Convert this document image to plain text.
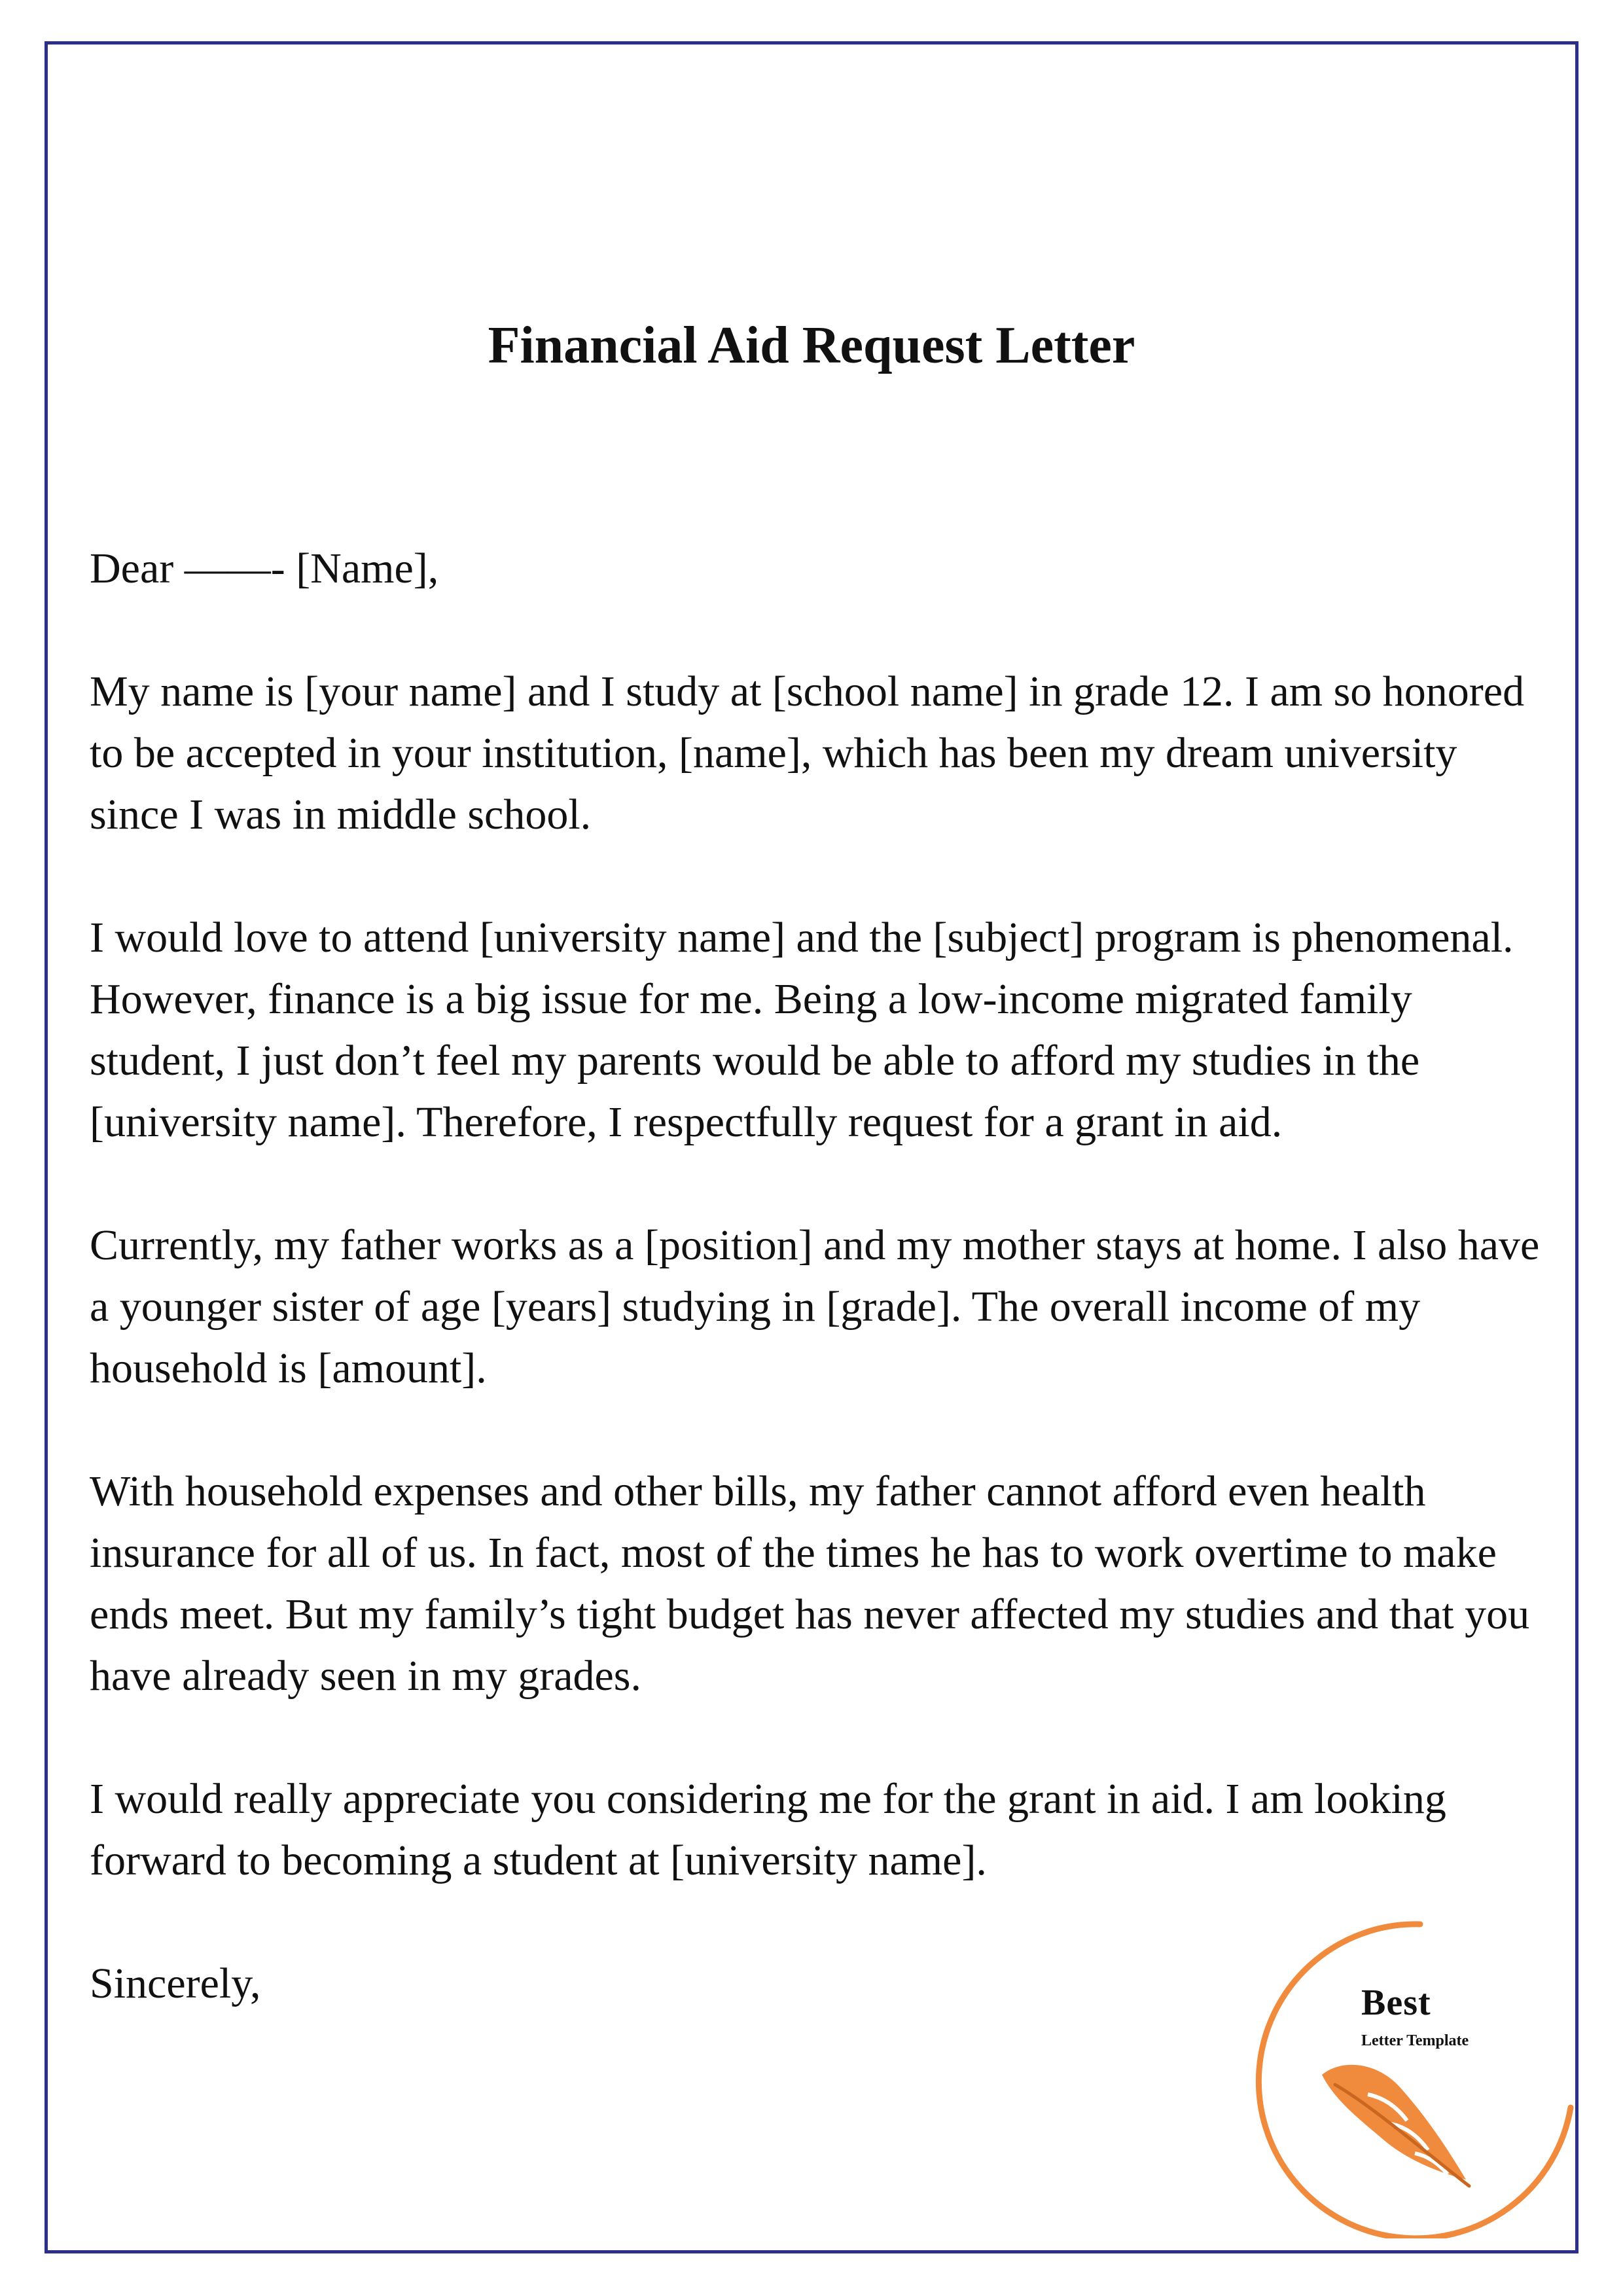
Financial Aid Request Letter

Dear ——- [Name],

My name is [your name] and I study at [school name] in grade 12. I am so honored to be accepted in your institution, [name], which has been my dream university since I was in middle school.

I would love to attend [university name] and the [subject] program is phenomenal. However, finance is a big issue for me. Being a low-income migrated family student, I just don’t feel my parents would be able to afford my studies in the [university name]. Therefore, I respectfully request for a grant in aid.

Currently, my father works as a [position] and my mother stays at home. I also have a younger sister of age [years] studying in [grade]. The overall income of my household is [amount].

With household expenses and other bills, my father cannot afford even health insurance for all of us. In fact, most of the times he has to work overtime to make ends meet. But my family’s tight budget has never affected my studies and that you have already seen in my grades.

I would really appreciate you considering me for the grant in aid. I am looking forward to becoming a student at [university name].

Sincerely,	Best
Letter Template
